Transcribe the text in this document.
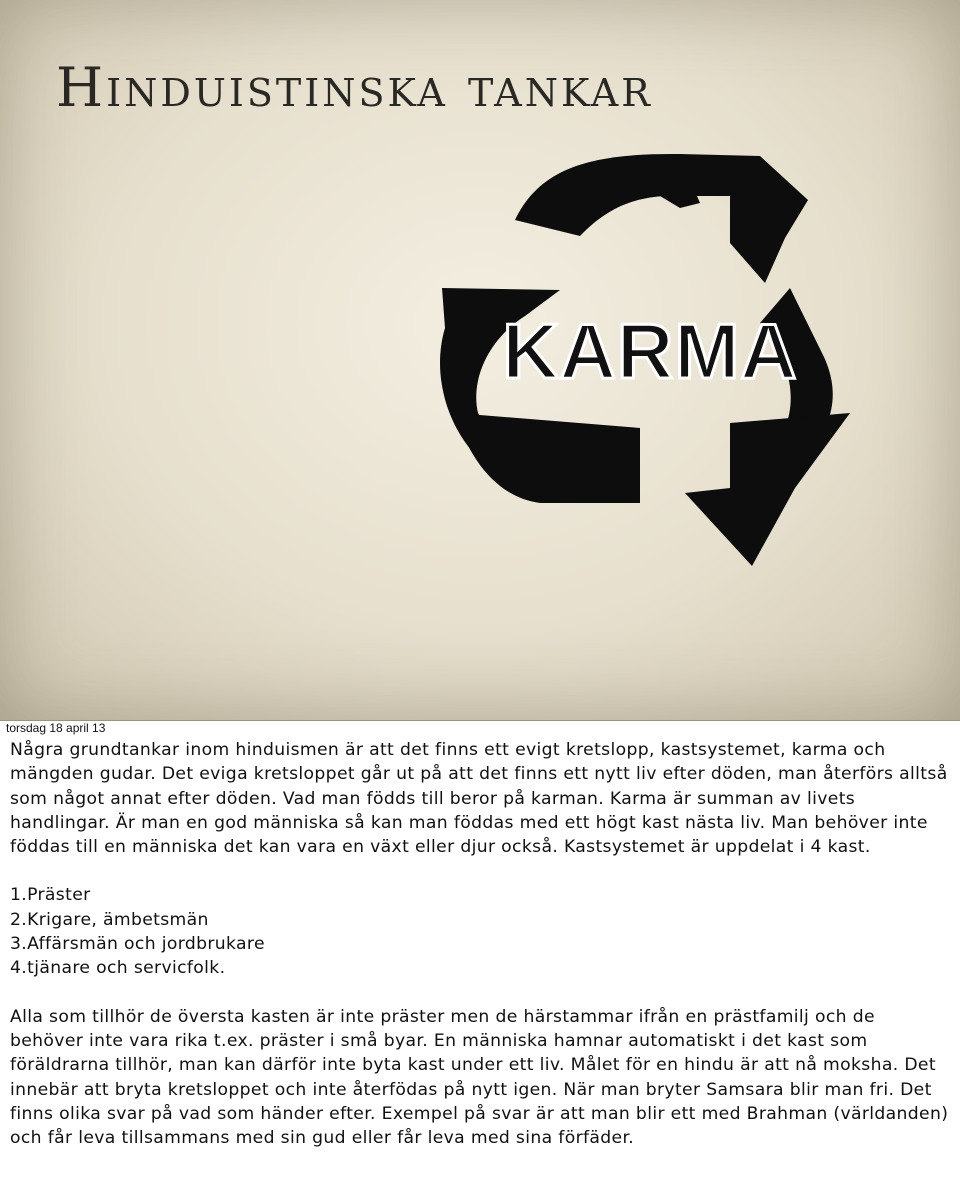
Hinduistinska tankar
KARMA
torsdag 18 april 13

Några grundtankar inom hinduismen är att det finns ett evigt kretslopp, kastsystemet, karma och mängden gudar. Det eviga kretsloppet går ut på att det finns ett nytt liv efter döden, man återförs alltså som något annat efter döden. Vad man födds till beror på karman. Karma är summan av livets handlingar. Är man en god människa så kan man föddas med ett högt kast nästa liv. Man behöver inte föddas till en människa det kan vara en växt eller djur också. Kastsystemet är uppdelat i 4 kast.

1.Präster
2.Krigare, ämbetsmän
3.Affärsmän och jordbrukare
4.tjänare och servicfolk.

Alla som tillhör de översta kasten är inte präster men de härstammar ifrån en prästfamilj och de behöver inte vara rika t.ex. präster i små byar. En människa hamnar automatiskt i det kast som föräldrarna tillhör, man kan därför inte byta kast under ett liv. Målet för en hindu är att nå moksha. Det innebär att bryta kretsloppet och inte återfödas på nytt igen. När man bryter Samsara blir man fri. Det finns olika svar på vad som händer efter. Exempel på svar är att man blir ett med Brahman (världanden) och får leva tillsammans med sin gud eller får leva med sina förfäder.
